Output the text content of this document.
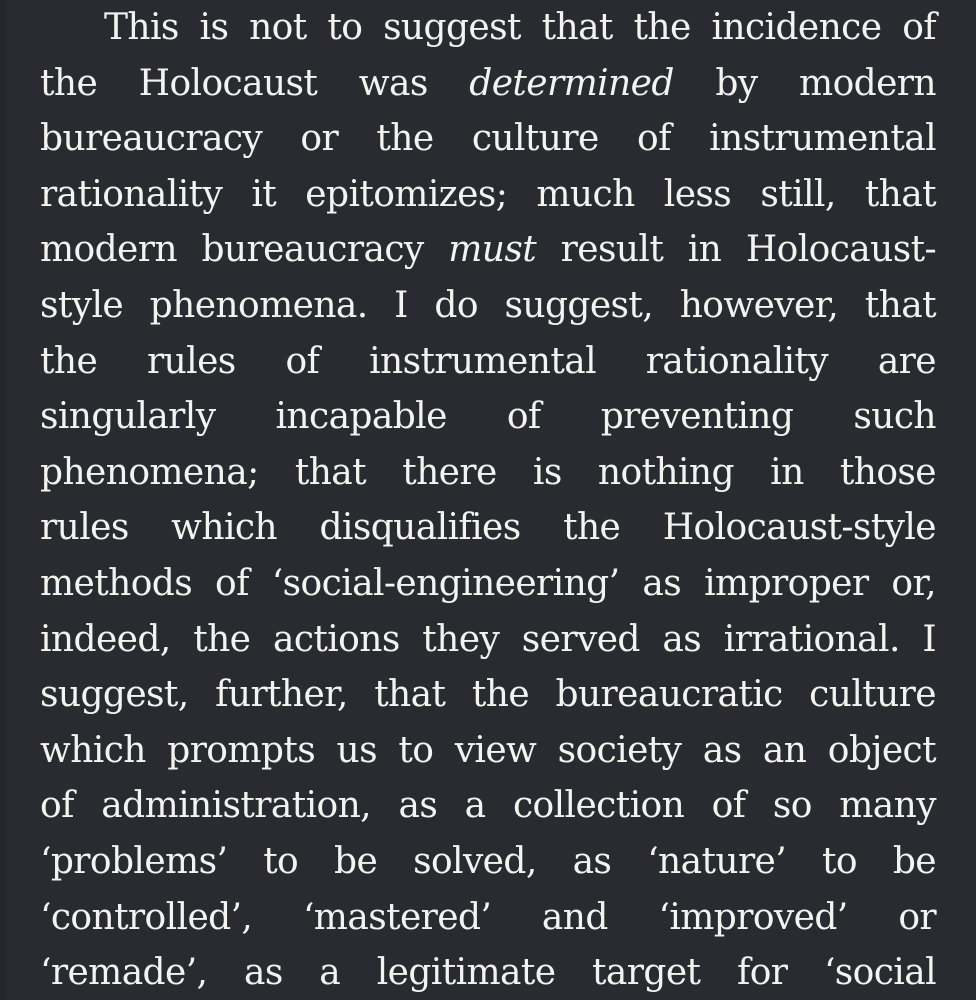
This is not to suggest that the incidence of
the Holocaust was determined by modern
bureaucracy or the culture of instrumental
rationality it epitomizes; much less still, that
modern bureaucracy must result in Holocaust-
style phenomena. I do suggest, however, that
the rules of instrumental rationality are
singularly incapable of preventing such
phenomena; that there is nothing in those
rules which disqualifies the Holocaust-style
methods of ‘social-engineering’ as improper or,
indeed, the actions they served as irrational. I
suggest, further, that the bureaucratic culture
which prompts us to view society as an object
of administration, as a collection of so many
‘problems’ to be solved, as ‘nature’ to be
‘controlled’, ‘mastered’ and ‘improved’ or
‘remade’, as a legitimate target for ‘social
